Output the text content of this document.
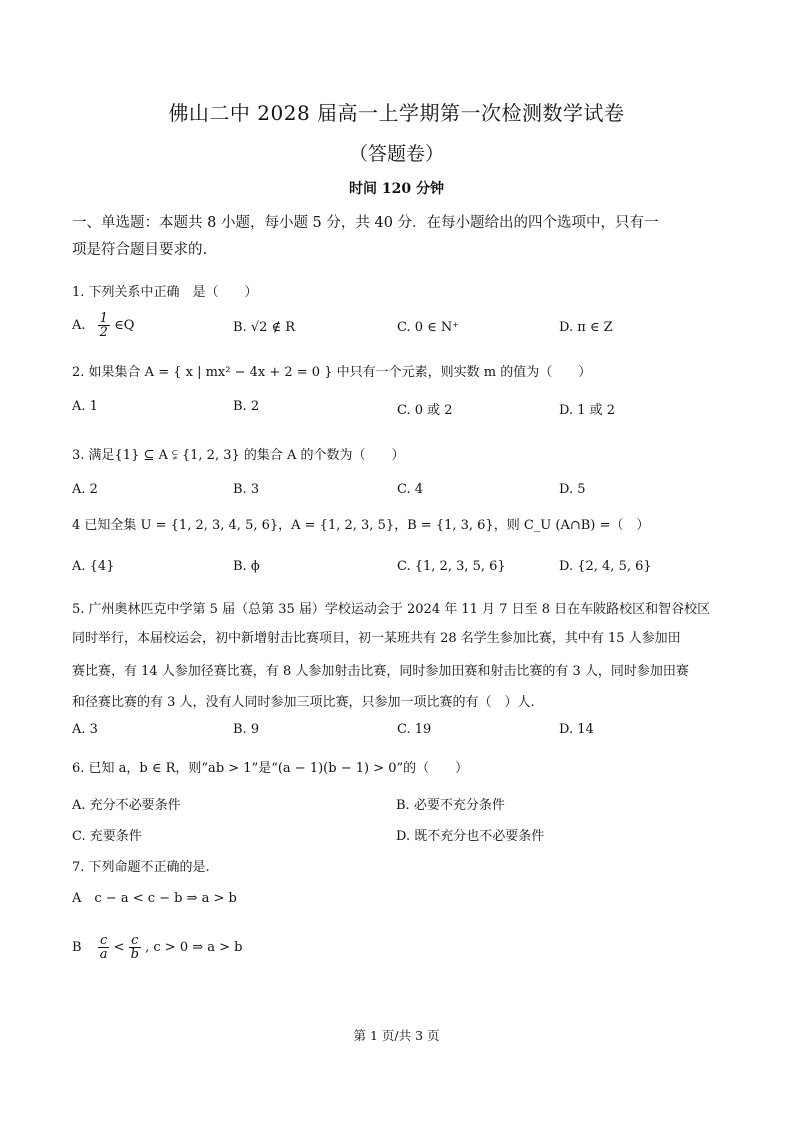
佛山二中 2028 届高一上学期第一次检测数学试卷
（答题卷）
时间 120 分钟
一、单选题：本题共 8 小题，每小题 5 分，共 40 分．在每小题给出的四个选项中，只有一
项是符合题目要求的.
1. 下列关系中正确　是（　　）
A. $\frac{1}{2}$ ∈Q	B. √2 ∉ R	C. 0 ∈ N⁺	D. π ∈ Z
2. 如果集合 A = { x | mx² − 4x + 2 = 0 } 中只有一个元素，则实数 m 的值为（　　）
A. 1	B. 2	C. 0 或 2	D. 1 或 2
3. 满足{1} ⊆ A ⫋ {1, 2, 3} 的集合 A 的个数为（　　）
A. 2	B. 3	C. 4	D. 5
4 已知全集 U = {1, 2, 3, 4, 5, 6}，A = {1, 2, 3, 5}，B = {1, 3, 6}，则 C_U (A∩B) =（　）
A. {4}	B. ϕ	C. {1, 2, 3, 5, 6}	D. {2, 4, 5, 6}
5. 广州奥林匹克中学第 5 届（总第 35 届）学校运动会于 2024 年 11 月 7 日至 8 日在车陂路校区和智谷校区
同时举行，本届校运会，初中新增射击比赛项目，初一某班共有 28 名学生参加比赛，其中有 15 人参加田
赛比赛，有 14 人参加径赛比赛，有 8 人参加射击比赛，同时参加田赛和射击比赛的有 3 人，同时参加田赛
和径赛比赛的有 3 人，没有人同时参加三项比赛，只参加一项比赛的有（　）人.
A. 3	B. 9	C. 19	D. 14
6. 已知 a，b ∈ R，则“ab > 1”是“(a − 1)(b − 1) > 0”的（　　）
A. 充分不必要条件	B. 必要不充分条件
C. 充要条件	D. 既不充分也不必要条件
7. 下列命题不正确的是.
A　c − a < c − b ⇒ a > b
B $\frac{c}{a} < \frac{c}{b}$ , c > 0 ⇒ a > b
第 1 页/共 3 页
